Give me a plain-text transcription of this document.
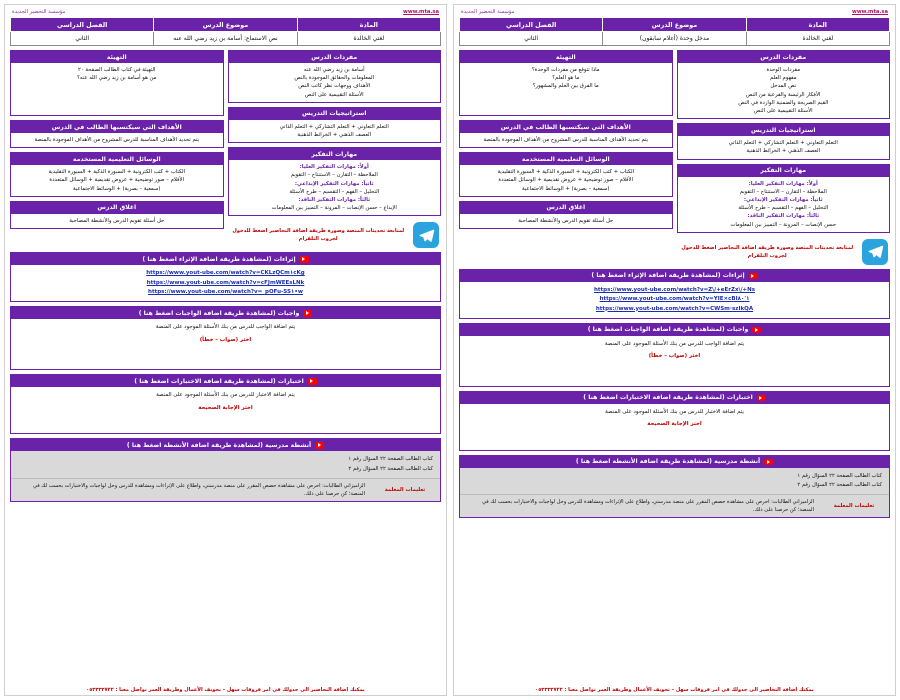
www.mta.sa
مؤسسة التحضير الجديدة
المادة	موضوع الدرس	الفصل الدراسي
لغتي الخالدة	مدخل وحدة (أعلام سابقون)	الثاني
مفردات الدرس
مفردات الوحدة
مفهوم العلم
نص المدخل
الأفكار الرئيسة والفرعية من النص
القيم الصريحة والضمنية الواردة في النص
الأسئلة التقييمية على النص
استراتيجيات التدريس
التعلم التعاوني + التعلم التشاركي + التعلم الذاتي
العصف الذهني + الخرائط الذهنية
مهارات التفكير
أولاً: مهارات التفكير العليا:
الملاحظة – التقارن – الاستنتاج – التقويم
ثانياً: مهارات التفكير الإبداعي:
التحليل – الفهم – التقسيم – طرح الأسئلة
ثالثاً: مهارات التفكير الناقد:
حسن الإنصات – المرونة – التمييز بين المعلومات
لمتابعة تحديثات المنصة وصورة طريقة اضافة التحاضير اضغط للدخول لجروب التلقرام
التهيئة
ماذا تتوقع من مفردات الوحدة؟
ما هو العلم؟
ما الفرق بين العلم والمشهور؟
الأهداف التي سيكتسبها الطالب في الدرس
يتم تحديد الأهداف المناسبة للدرس المشروح من الأهداف الموجودة بالمنصة
الوسائل التعليمية المستخدمة
الكتاب + كتب الكترونية + السبورة الذكية + السبورة التقليدية
الأقلام – صور توضيحية + عروض تقديمية + الوسائل المتعددة
(سمعية – بصرية) + الوسائط الاجتماعية
اغلاق الدرس
حل أسئلة تقويم الدرس والأنشطة المصاحبة
إثراءات (لمشاهدة طريقة اضافة الإثراء اضغط هنا )
https://www.yout-ube.com/watch?v=Z\/+eErZx\/+Ns
https://www.yout-ube.com/watch?v=YIE×cBI١'٨٠
https://www.yout-ube.com/watch?v=CWSm·szIkQA
واجبات (لمشاهدة طريقة اضافة الواجبات اضغط هنا )
يتم اضافة الواجب للدرس من بنك الأسئلة الموجود على المنصة
اختر (صواب – خطأ)
اختبارات (لمشاهدة طريقة اضافة الاختبارات اضغط هنا )
يتم اضافة الاختبار للدرس من بنك الأسئلة الموجود على المنصة
اختر الإجابة الصحيحة
أنشطة مدرسية (لمشاهدة طريقة اضافة الأنشطة اضغط هنا )
كتاب الطالب الصفحة ٢٢ السؤال رقم ١
كتاب الطالب الصفحة ٢٢ السؤال رقم ٢
تعليمات المعلمة
الزاميزاتي الطالبات: احرص على مشاهدة حصص المقرر على منصة مدرستي، واطلاع على الإثراءات ومشاهدة للدرس وحل لواجبات والاختبارات بحسب لك في المنصة؛ كن حرصنا على ذلك.
يمكنك اضافة التحاضير الى جدولك في امر فروقات سهل – تحويف الأعمال وطريقة العمر تواصل معنا : ٠٥٣٣٣٣٧٢٢
www.mta.sa
مؤسسة التحضير الجديدة
المادة	موضوع الدرس	الفصل الدراسي
لغتي الخالدة	نص الاستماع: أسامة بن زيد رضي الله عنه	الثاني
مفردات الدرس
أسامة بن زيد رضي الله عنه
المعلومات والحقائق الموجودة بالنص
الأهداف ووجهات نظر كاتب النص
الأسئلة التقييمية على النص
استراتيجيات التدريس
التعلم التعاوني + التعلم التشاركي + التعلم الذاتي
العصف الذهني + الخرائط الذهنية
مهارات التفكير
أولاً: مهارات التفكير العليا:
الملاحظة – التقارن – الاستنتاج – التقويم
ثانياً: مهارات التفكير الإبداعي:
التحليل – الفهم – التقسيم – طرح الأسئلة
ثالثاً: مهارات التفكير الناقد:
الإبداع – حسن الإنصات – المرونة – التمييز بين المعلومات
لمتابعة تحديثات المنصة وصورة طريقة اضافة التحاضير اضغط للدخول لجروب التلقرام
التهيئة
التهيئة في كتاب الطالب الصفحة ٢٠
من هو أسامة بن زيد رضي الله عنه؟
الأهداف التي سيكتسبها الطالب في الدرس
يتم تحديد الأهداف المناسبة للدرس المشروح من الأهداف الموجودة بالمنصة
الوسائل التعليمية المستخدمة
الكتاب + كتب الكترونية + السبورة الذكية + السبورة التقليدية
الأقلام – صور توضيحية + عروض تقديمية + الوسائل المتعددة
(سمعية – بصرية) + الوسائط الاجتماعية
اغلاق الدرس
حل أسئلة تقويم الدرس والأنشطة المصاحبة
إثراءات (لمشاهدة طريقة اضافة الإثراء اضغط هنا )
https://www.yout-ube.com/watch?v=CKLzQCm١cKg
https://www.yout-ube.com/watch?v=cFJmWEEsLNk
https://www.yout-ube.com/watch?v=_pOFu-SS١•w
واجبات (لمشاهدة طريقة اضافة الواجبات اضغط هنا )
يتم اضافة الواجب للدرس من بنك الأسئلة الموجود على المنصة
اختر (صواب – خطأ)
اختبارات (لمشاهدة طريقة اضافة الاختبارات اضغط هنا )
يتم اضافة الاختبار للدرس من بنك الأسئلة الموجود على المنصة
اختر الإجابة الصحيحة
أنشطة مدرسية (لمشاهدة طريقة اضافة الأنشطة اضغط هنا )
كتاب الطالب الصفحة ٢٢ السؤال رقم ١
كتاب الطالب الصفحة ٢٢ السؤال رقم ٢
تعليمات المعلمة
الزاميزاتي الطالبات: احرص على مشاهدة حصص المقرر على منصة مدرستي، واطلاع على الإثراءات ومشاهدة للدرس وحل لواجبات والاختبارات بحسب لك في المنصة؛ كن حرصنا على ذلك.
يمكنك اضافة التحاضير الى جدولك في امر فروقات سهل – تحويف الأعمال وطريقة العمر تواصل معنا : ٠٥٣٣٣٣٧٢٢
